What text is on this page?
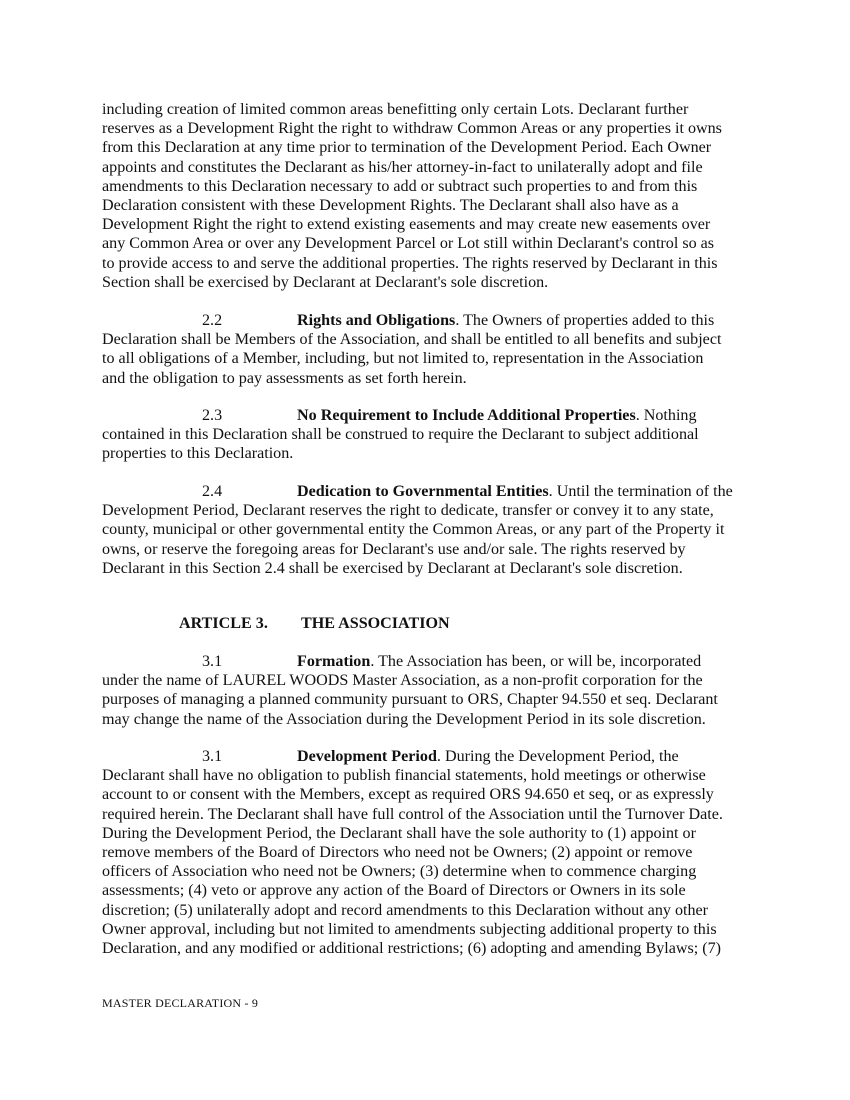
including creation of limited common areas benefitting only certain Lots. Declarant further
reserves as a Development Right the right to withdraw Common Areas or any properties it owns
from this Declaration at any time prior to termination of the Development Period. Each Owner
appoints and constitutes the Declarant as his/her attorney-in-fact to unilaterally adopt and file
amendments to this Declaration necessary to add or subtract such properties to and from this
Declaration consistent with these Development Rights. The Declarant shall also have as a
Development Right the right to extend existing easements and may create new easements over
any Common Area or over any Development Parcel or Lot still within Declarant's control so as
to provide access to and serve the additional properties. The rights reserved by Declarant in this
Section shall be exercised by Declarant at Declarant's sole discretion.
2.2	Rights and Obligations. The Owners of properties added to this
Declaration shall be Members of the Association, and shall be entitled to all benefits and subject
to all obligations of a Member, including, but not limited to, representation in the Association
and the obligation to pay assessments as set forth herein.
2.3	No Requirement to Include Additional Properties. Nothing
contained in this Declaration shall be construed to require the Declarant to subject additional
properties to this Declaration.
2.4	Dedication to Governmental Entities. Until the termination of the
Development Period, Declarant reserves the right to dedicate, transfer or convey it to any state,
county, municipal or other governmental entity the Common Areas, or any part of the Property it
owns, or reserve the foregoing areas for Declarant's use and/or sale. The rights reserved by
Declarant in this Section 2.4 shall be exercised by Declarant at Declarant's sole discretion.
ARTICLE 3. THE ASSOCIATION
3.1	Formation. The Association has been, or will be, incorporated
under the name of LAUREL WOODS Master Association, as a non-profit corporation for the
purposes of managing a planned community pursuant to ORS, Chapter 94.550 et seq. Declarant
may change the name of the Association during the Development Period in its sole discretion.
3.1	Development Period. During the Development Period, the
Declarant shall have no obligation to publish financial statements, hold meetings or otherwise
account to or consent with the Members, except as required ORS 94.650 et seq, or as expressly
required herein. The Declarant shall have full control of the Association until the Turnover Date.
During the Development Period, the Declarant shall have the sole authority to (1) appoint or
remove members of the Board of Directors who need not be Owners; (2) appoint or remove
officers of Association who need not be Owners; (3) determine when to commence charging
assessments; (4) veto or approve any action of the Board of Directors or Owners in its sole
discretion; (5) unilaterally adopt and record amendments to this Declaration without any other
Owner approval, including but not limited to amendments subjecting additional property to this
Declaration, and any modified or additional restrictions; (6) adopting and amending Bylaws; (7)
MASTER DECLARATION - 9
